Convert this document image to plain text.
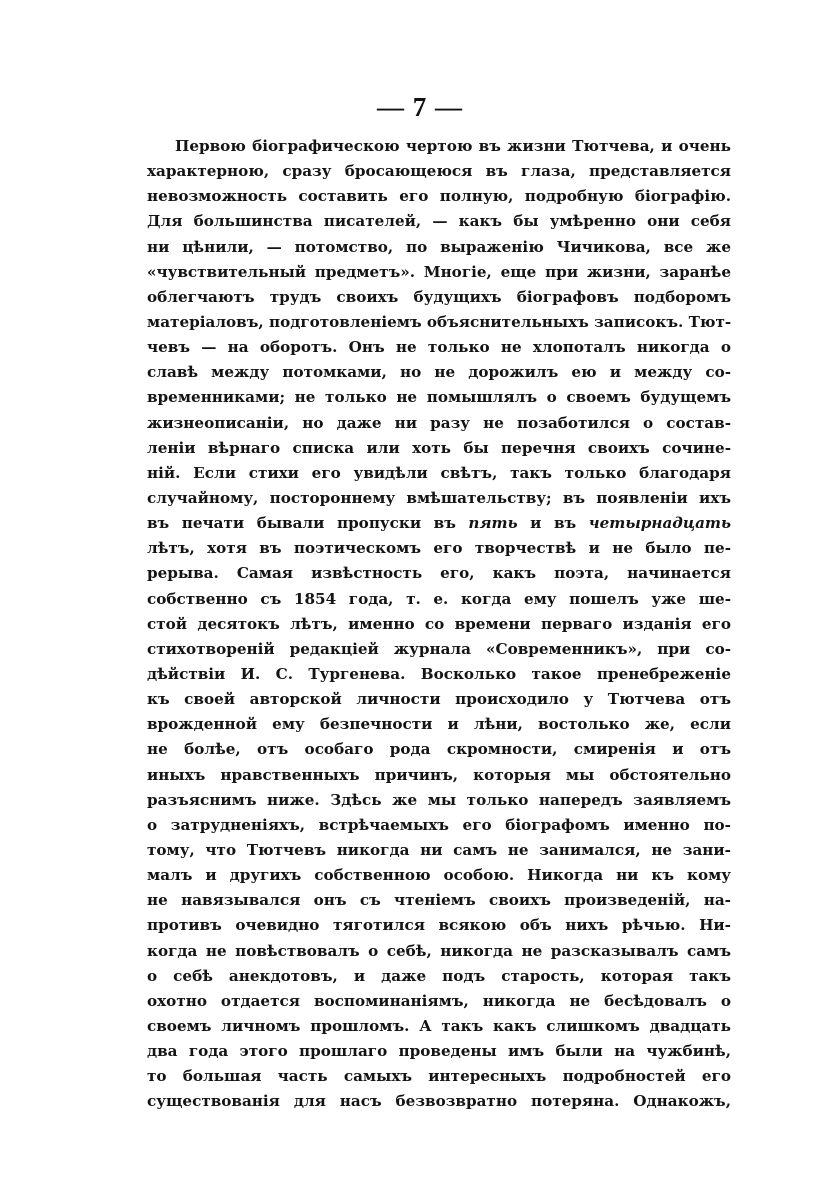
— 7 —
Первою біографическою чертою въ жизни Тютчева, и очень
характерною, сразу бросающеюся въ глаза, представляется
невозможность составить его полную, подробную біографію.
Для большинства писателей, — какъ бы умѣренно они себя
ни цѣнили, — потомство, по выраженію Чичикова, все же
«чувствительный предметъ». Многіе, еще при жизни, заранѣе
облегчаютъ трудъ своихъ будущихъ біографовъ подборомъ
матеріаловъ, подготовленіемъ объяснительныхъ записокъ. Тют-
чевъ — на оборотъ. Онъ не только не хлопоталъ никогда о
славѣ между потомками, но не дорожилъ ею и между со-
временниками; не только не помышлялъ о своемъ будущемъ
жизнеописаніи, но даже ни разу не позаботился о состав-
леніи вѣрнаго списка или хоть бы перечня своихъ сочине-
ній. Если стихи его увидѣли свѣтъ, такъ только благодаря
случайному, постороннему вмѣшательству; въ появленіи ихъ
въ печати бывали пропуски въ пять и въ четырнадцать
лѣтъ, хотя въ поэтическомъ его творчествѣ и не было пе-
рерыва. Самая извѣстность его, какъ поэта, начинается
собственно съ 1854 года, т. е. когда ему пошелъ уже ше-
стой десятокъ лѣтъ, именно со времени перваго изданія его
стихотвореній редакціей журнала «Современникъ», при со-
дѣйствіи И. С. Тургенева. Восколько такое пренебреженіе
къ своей авторской личности происходило у Тютчева отъ
врожденной ему безпечности и лѣни, востолько же, если
не болѣе, отъ особаго рода скромности, смиренія и отъ
иныхъ нравственныхъ причинъ, которыя мы обстоятельно
разъяснимъ ниже. Здѣсь же мы только напередъ заявляемъ
о затрудненіяхъ, встрѣчаемыхъ его біографомъ именно по-
тому, что Тютчевъ никогда ни самъ не занимался, не зани-
малъ и другихъ собственною особою. Никогда ни къ кому
не навязывался онъ съ чтеніемъ своихъ произведеній, на-
противъ очевидно тяготился всякою объ нихъ рѣчью. Ни-
когда не повѣствовалъ о себѣ, никогда не разсказывалъ самъ
о себѣ анекдотовъ, и даже подъ старость, которая такъ
охотно отдается воспоминаніямъ, никогда не бесѣдовалъ о
своемъ личномъ прошломъ. А такъ какъ слишкомъ двадцать
два года этого прошлаго проведены имъ были на чужбинѣ,
то большая часть самыхъ интересныхъ подробностей его
существованія для насъ безвозвратно потеряна. Однакожъ,
